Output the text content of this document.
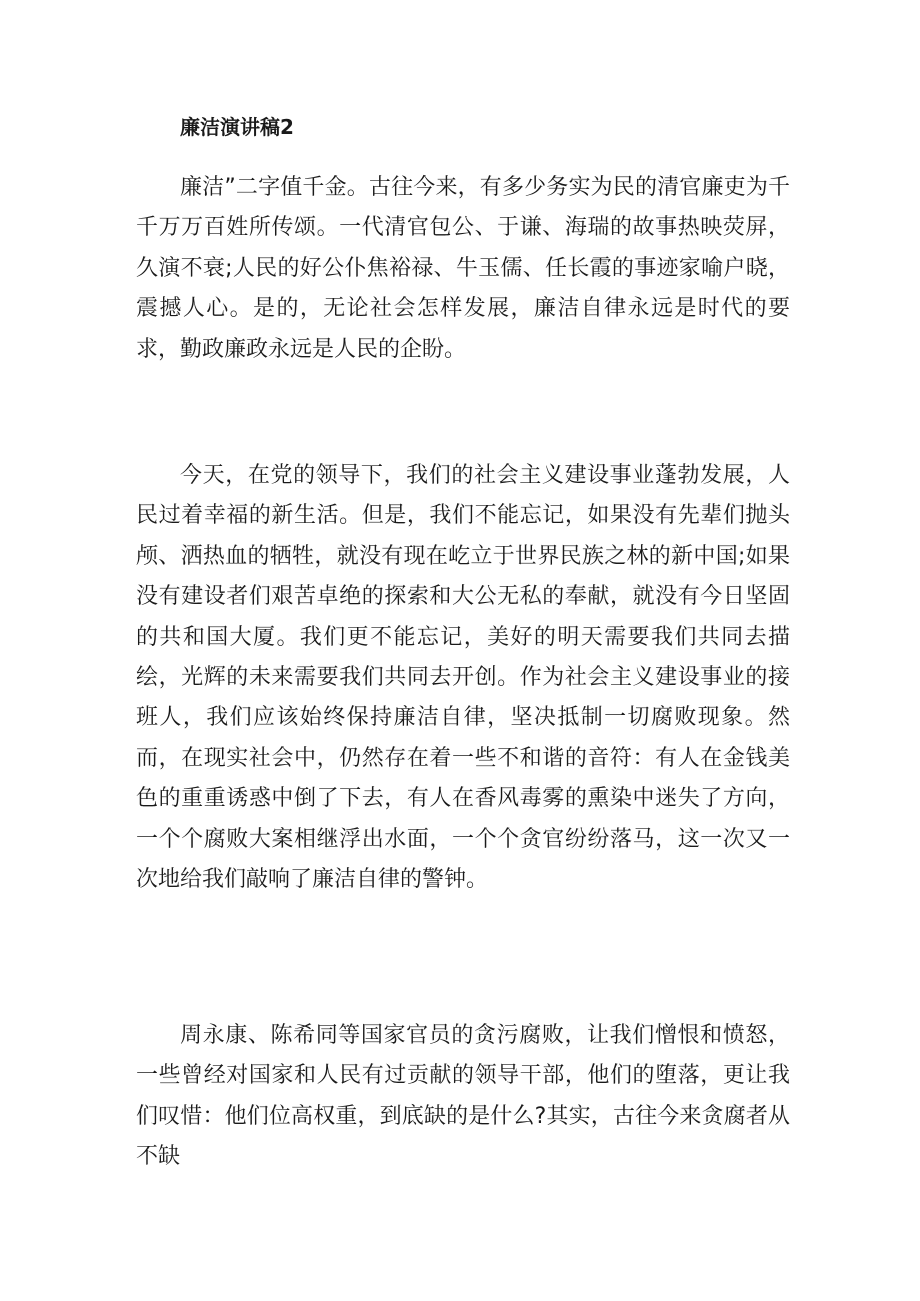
廉洁演讲稿2

廉洁”二字值千金。古往今来，有多少务实为民的清官廉吏为千千万万百姓所传颂。一代清官包公、于谦、海瑞的故事热映荧屏，久演不衰;人民的好公仆焦裕禄、牛玉儒、任长霞的事迹家喻户晓，震撼人心。是的，无论社会怎样发展，廉洁自律永远是时代的要求，勤政廉政永远是人民的企盼。

今天，在党的领导下，我们的社会主义建设事业蓬勃发展，人民过着幸福的新生活。但是，我们不能忘记，如果没有先辈们抛头颅、洒热血的牺牲，就没有现在屹立于世界民族之林的新中国;如果没有建设者们艰苦卓绝的探索和大公无私的奉献，就没有今日坚固的共和国大厦。我们更不能忘记，美好的明天需要我们共同去描绘，光辉的未来需要我们共同去开创。作为社会主义建设事业的接班人，我们应该始终保持廉洁自律，坚决抵制一切腐败现象。然而，在现实社会中，仍然存在着一些不和谐的音符：有人在金钱美色的重重诱惑中倒了下去，有人在香风毒雾的熏染中迷失了方向，一个个腐败大案相继浮出水面，一个个贪官纷纷落马，这一次又一次地给我们敲响了廉洁自律的警钟。

周永康、陈希同等国家官员的贪污腐败，让我们憎恨和愤怒，一些曾经对国家和人民有过贡献的领导干部，他们的堕落，更让我们叹惜：他们位高权重，到底缺的是什么?其实，古往今来贪腐者从不缺
